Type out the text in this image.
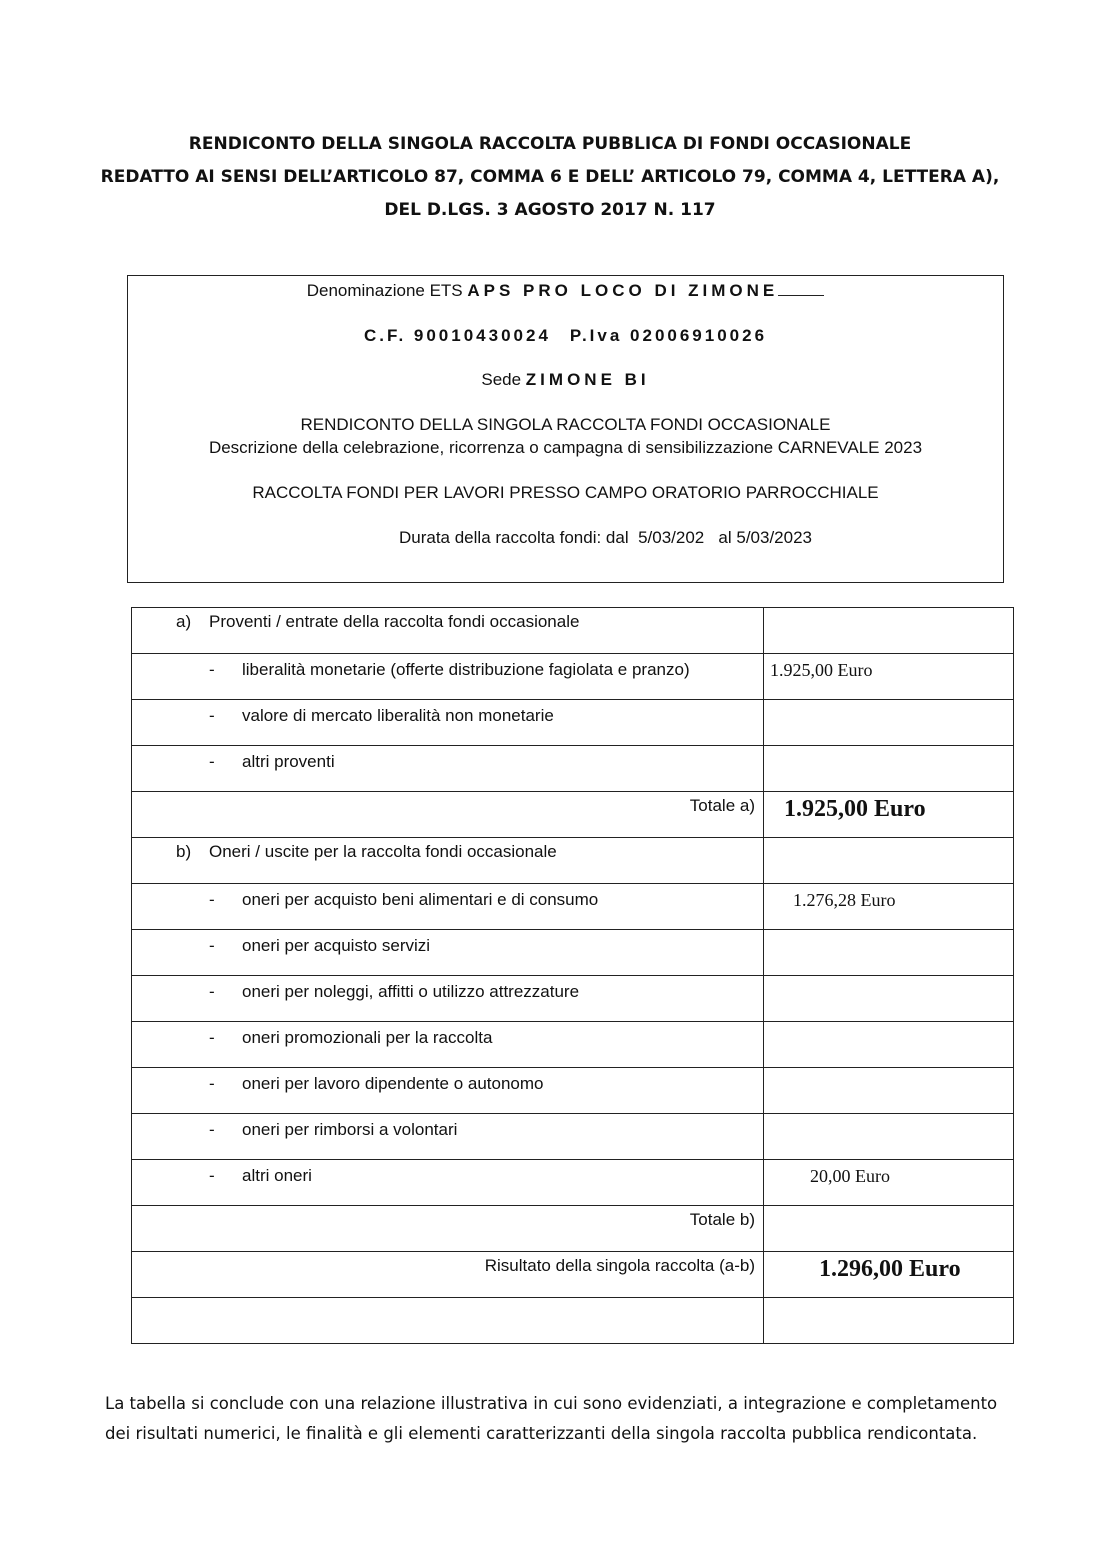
RENDICONTO DELLA SINGOLA RACCOLTA PUBBLICA DI FONDI OCCASIONALE
REDATTO AI SENSI DELL’ARTICOLO 87, COMMA 6 E DELL’ ARTICOLO 79, COMMA 4, LETTERA A),
DEL D.LGS. 3 AGOSTO 2017 N. 117
Denominazione ETS APS PRO LOCO DI ZIMONE
C.F. 90010430024 P.Iva 02006910026
Sede ZIMONE BI
RENDICONTO DELLA SINGOLA RACCOLTA FONDI OCCASIONALE
Descrizione della celebrazione, ricorrenza o campagna di sensibilizzazione CARNEVALE 2023
RACCOLTA FONDI PER LAVORI PRESSO CAMPO ORATORIO PARROCCHIALE
Durata della raccolta fondi: dal  5/03/202   al 5/03/2023
a) Proventi / entrate della raccolta fondi occasionale	

- liberalità monetarie (offerte distribuzione fagiolata e pranzo)	1.925,00 Euro

- valore di mercato liberalità non monetarie	

- altri proventi	

Totale a)	1.925,00 Euro

b) Oneri / uscite per la raccolta fondi occasionale	

- oneri per acquisto beni alimentari e di consumo	1.276,28 Euro

- oneri per acquisto servizi	

- oneri per noleggi, affitti o utilizzo attrezzature	

- oneri promozionali per la raccolta	

- oneri per lavoro dipendente o autonomo	

- oneri per rimborsi a volontari	

- altri oneri	20,00 Euro

Totale b)	

Risultato della singola raccolta (a-b)	1.296,00 Euro

La tabella si conclude con una relazione illustrativa in cui sono evidenziati, a integrazione e completamento
dei risultati numerici, le finalità e gli elementi caratterizzanti della singola raccolta pubblica rendicontata.
